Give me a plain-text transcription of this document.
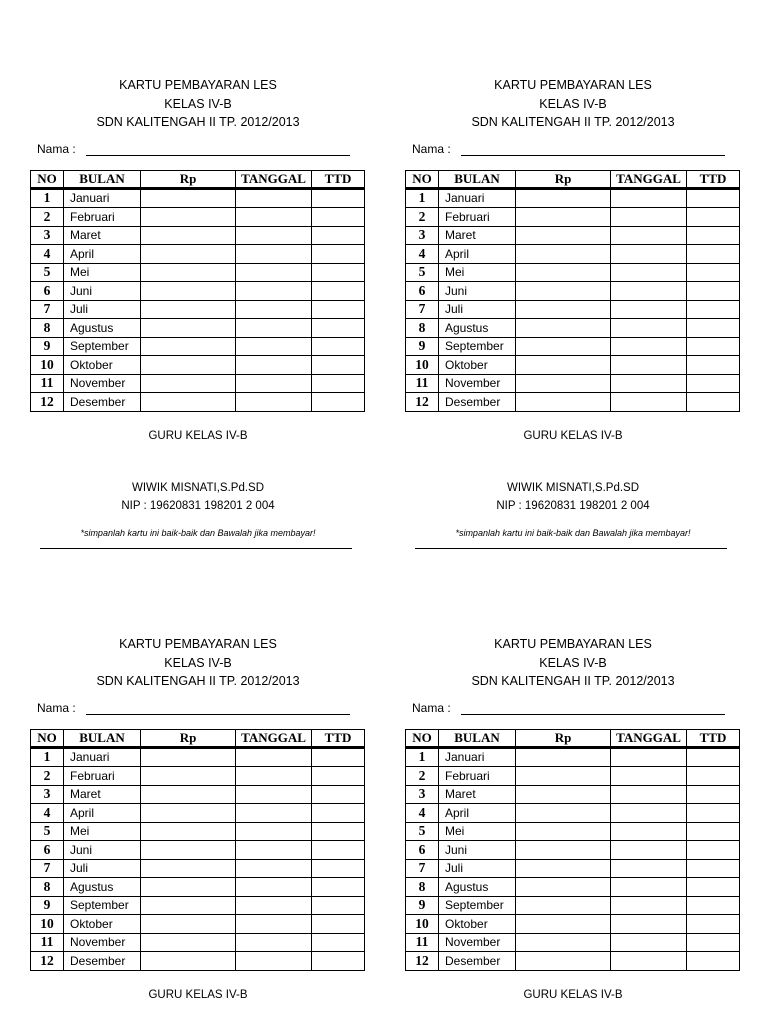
KARTU PEMBAYARAN LES
KELAS IV-B
SDN KALITENGAH II TP. 2012/2013
Nama :
NO	BULAN	Rp	TANGGAL	TTD
1	Januari			
2	Februari			
3	Maret			
4	April			
5	Mei			
6	Juni			
7	Juli			
8	Agustus			
9	September			
10	Oktober			
11	November			
12	Desember			
GURU KELAS IV-B
WIWIK MISNATI,S.Pd.SD
NIP : 19620831 198201 2 004
*simpanlah kartu ini baik-baik dan Bawalah jika membayar!
KARTU PEMBAYARAN LES
KELAS IV-B
SDN KALITENGAH II TP. 2012/2013
Nama :
NO	BULAN	Rp	TANGGAL	TTD
1	Januari			
2	Februari			
3	Maret			
4	April			
5	Mei			
6	Juni			
7	Juli			
8	Agustus			
9	September			
10	Oktober			
11	November			
12	Desember			
GURU KELAS IV-B
WIWIK MISNATI,S.Pd.SD
NIP : 19620831 198201 2 004
*simpanlah kartu ini baik-baik dan Bawalah jika membayar!
KARTU PEMBAYARAN LES
KELAS IV-B
SDN KALITENGAH II TP. 2012/2013
Nama :
NO	BULAN	Rp	TANGGAL	TTD
1	Januari			
2	Februari			
3	Maret			
4	April			
5	Mei			
6	Juni			
7	Juli			
8	Agustus			
9	September			
10	Oktober			
11	November			
12	Desember			
GURU KELAS IV-B
KARTU PEMBAYARAN LES
KELAS IV-B
SDN KALITENGAH II TP. 2012/2013
Nama :
NO	BULAN	Rp	TANGGAL	TTD
1	Januari			
2	Februari			
3	Maret			
4	April			
5	Mei			
6	Juni			
7	Juli			
8	Agustus			
9	September			
10	Oktober			
11	November			
12	Desember			
GURU KELAS IV-B
